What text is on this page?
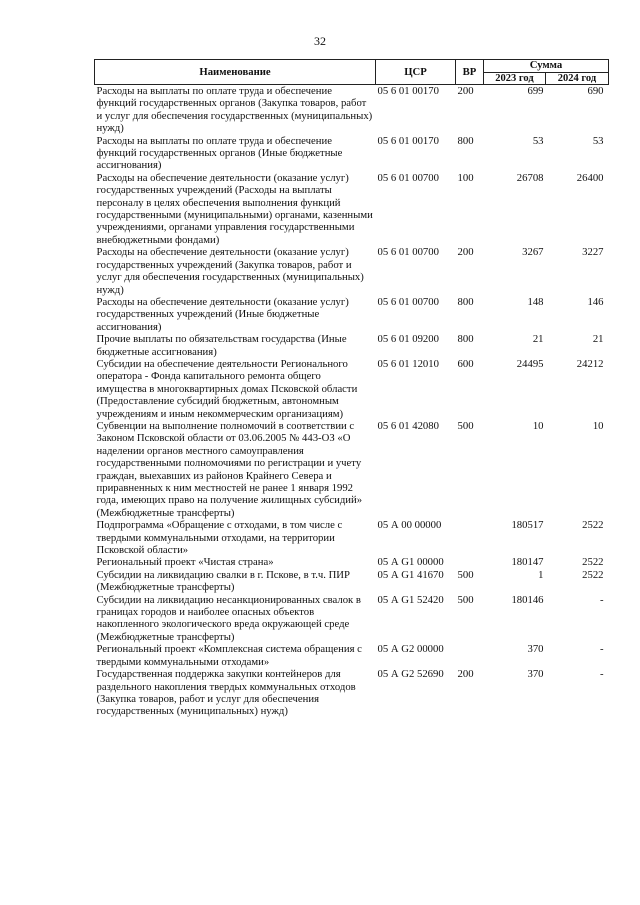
32
Наименование	ЦСР	ВР	Сумма	
			2023 год	2024 год
Расходы на выплаты по оплате труда и обеспечение функций государственных органов (Закупка товаров, работ и услуг для обеспечения государственных (муниципальных) нужд)	05 6 01 00170	200	699	690
Расходы на выплаты по оплате труда и обеспечение функций государственных органов (Иные бюджетные ассигнования)	05 6 01 00170	800	53	53
Расходы на обеспечение деятельности (оказание услуг) государственных учреждений (Расходы на выплаты персоналу в целях обеспечения выполнения функций государственными (муниципальными) органами, казенными учреждениями, органами управления государственными внебюджетными фондами)	05 6 01 00700	100	26708	26400
Расходы на обеспечение деятельности (оказание услуг) государственных учреждений (Закупка товаров, работ и услуг для обеспечения государственных (муниципальных) нужд)	05 6 01 00700	200	3267	3227
Расходы на обеспечение деятельности (оказание услуг) государственных учреждений (Иные бюджетные ассигнования)	05 6 01 00700	800	148	146
Прочие выплаты по обязательствам государства (Иные бюджетные ассигнования)	05 6 01 09200	800	21	21
Субсидии на обеспечение деятельности Регионального оператора - Фонда капитального ремонта общего имущества в многоквартирных домах Псковской области (Предоставление субсидий бюджетным, автономным учреждениям и иным некоммерческим организациям)	05 6 01 12010	600	24495	24212
Субвенции на выполнение полномочий в соответствии с Законом Псковской области от 03.06.2005 № 443-ОЗ «О наделении органов местного самоуправления государственными полномочиями по регистрации и учету граждан, выехавших из районов Крайнего Севера и приравненных к ним местностей не ранее 1 января 1992 года, имеющих право на получение жилищных субсидий» (Межбюджетные трансферты)	05 6 01 42080	500	10	10
Подпрограмма «Обращение с отходами, в том числе с твердыми коммунальными отходами, на территории Псковской области»	05 А 00 00000		180517	2522
Региональный проект «Чистая страна»	05 А G1 00000		180147	2522
Субсидии на ликвидацию свалки в г. Пскове, в т.ч. ПИР (Межбюджетные трансферты)	05 А G1 41670	500	1	2522
Субсидии на ликвидацию несанкционированных свалок в границах городов и наиболее опасных объектов накопленного экологического вреда окружающей среде (Межбюджетные трансферты)	05 А G1 52420	500	180146	-
Региональный проект «Комплексная система обращения с твердыми коммунальными отходами»	05 А G2 00000		370	-
Государственная поддержка закупки контейнеров для раздельного накопления твердых коммунальных отходов (Закупка товаров, работ и услуг для обеспечения государственных (муниципальных) нужд)	05 А G2 52690	200	370	-
